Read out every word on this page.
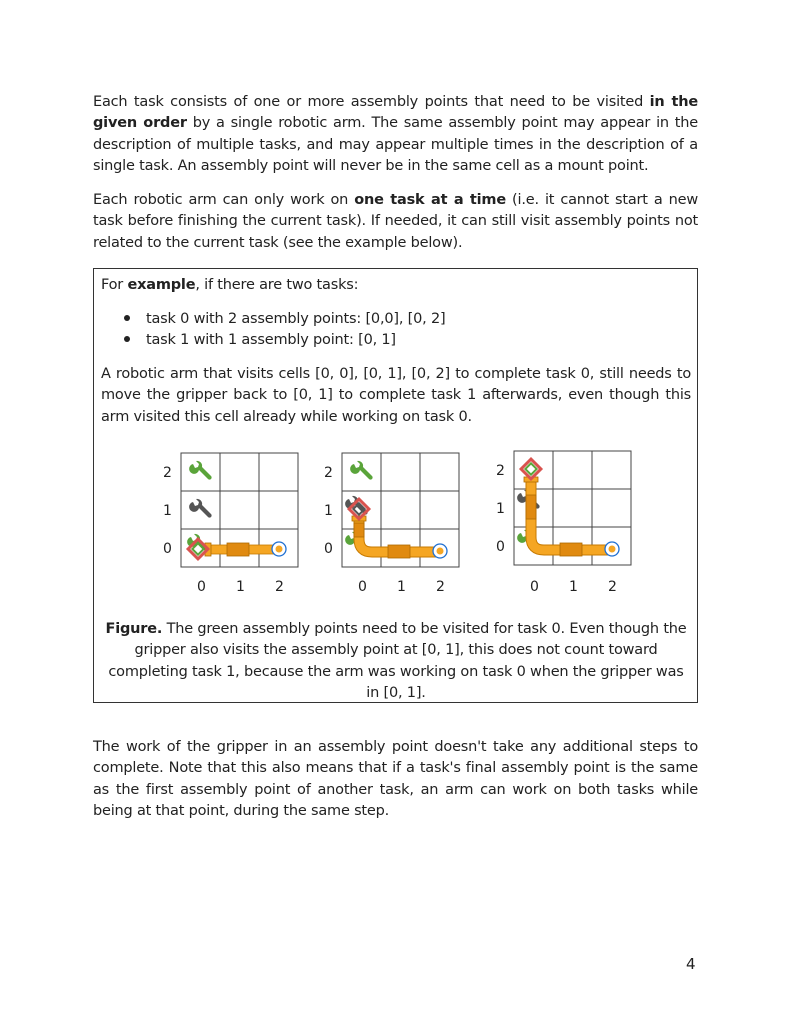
Each task consists of one or more assembly points that need to be visited in the given order by a single robotic arm. The same assembly point may appear in the description of multiple tasks, and may appear multiple times in the description of a single task. An assembly point will never be in the same cell as a mount point.

Each robotic arm can only work on one task at a time (i.e. it cannot start a new task before finishing the current task). If needed, it can still visit assembly points not related to the current task (see the example below).

For example, if there are two tasks:

task 0 with 2 assembly points: [0,0], [0, 2]
task 1 with 1 assembly point: [0, 1]

A robotic arm that visits cells [0, 0], [0, 1], [0, 2] to complete task 0, still needs to move the gripper back to [0, 1] to complete task 1 afterwards, even though this arm visited this cell already while working on task 0.

2
1
0
0 1 2
2
1
0
0 1 2
2
1
0
0 1 2

Figure. The green assembly points need to be visited for task 0. Even though the gripper also visits the assembly point at [0, 1], this does not count toward completing task 1, because the arm was working on task 0 when the gripper was in [0, 1].

The work of the gripper in an assembly point doesn't take any additional steps to complete. Note that this also means that if a task's final assembly point is the same as the first assembly point of another task, an arm can work on both tasks while being at that point, during the same step.

4
